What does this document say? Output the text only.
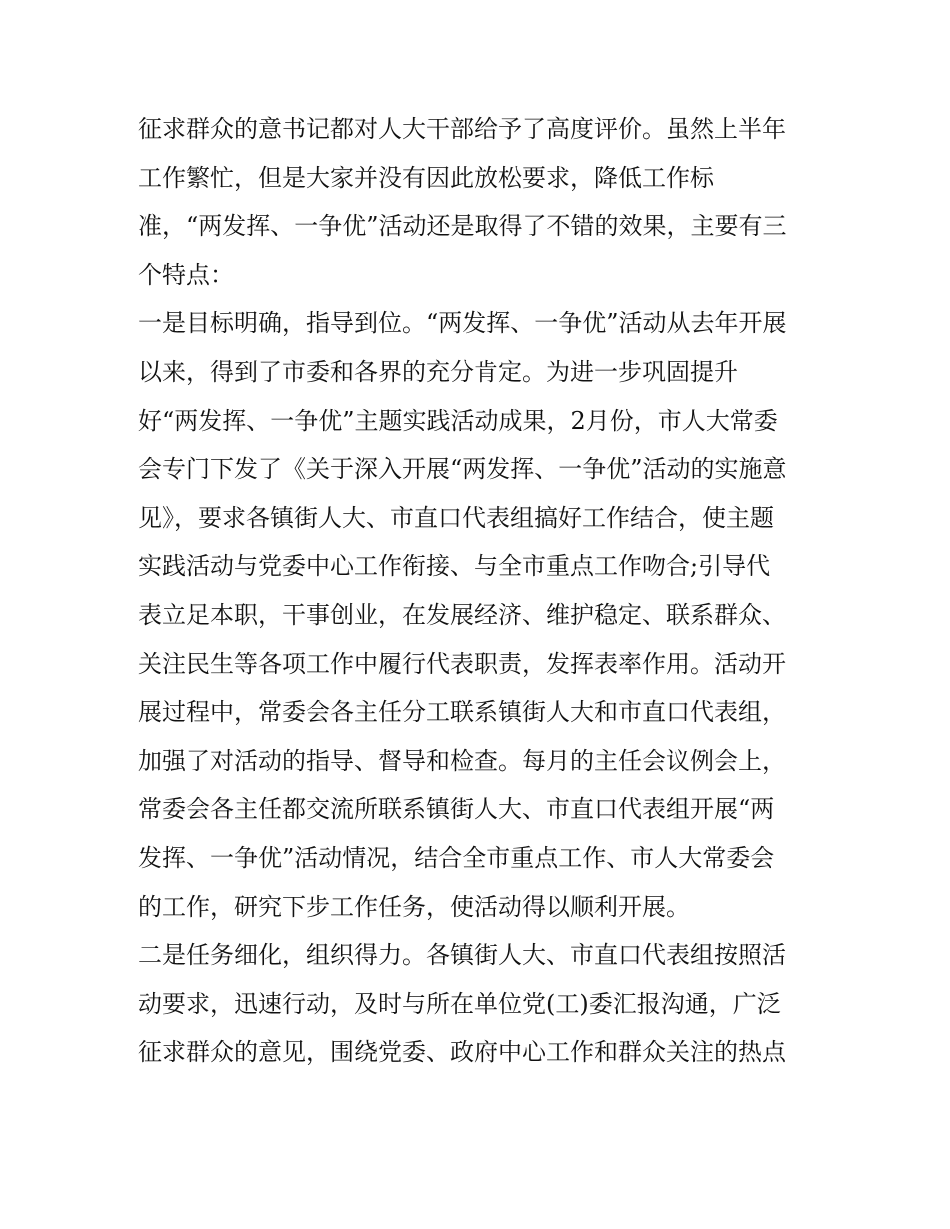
征求群众的意书记都对人大干部给予了高度评价。虽然上半年
工作繁忙，但是大家并没有因此放松要求，降低工作标
准，“两发挥、一争优”活动还是取得了不错的效果，主要有三
个特点：
一是目标明确，指导到位。“两发挥、一争优”活动从去年开展
以来，得到了市委和各界的充分肯定。为进一步巩固提升
好“两发挥、一争优”主题实践活动成果，2月份，市人大常委
会专门下发了《关于深入开展“两发挥、一争优”活动的实施意
见》，要求各镇街人大、市直口代表组搞好工作结合，使主题
实践活动与党委中心工作衔接、与全市重点工作吻合;引导代
表立足本职，干事创业，在发展经济、维护稳定、联系群众、
关注民生等各项工作中履行代表职责，发挥表率作用。活动开
展过程中，常委会各主任分工联系镇街人大和市直口代表组，
加强了对活动的指导、督导和检查。每月的主任会议例会上，
常委会各主任都交流所联系镇街人大、市直口代表组开展“两
发挥、一争优”活动情况，结合全市重点工作、市人大常委会
的工作，研究下步工作任务，使活动得以顺利开展。
二是任务细化，组织得力。各镇街人大、市直口代表组按照活
动要求，迅速行动，及时与所在单位党(工)委汇报沟通，广泛
征求群众的意见，围绕党委、政府中心工作和群众关注的热点
